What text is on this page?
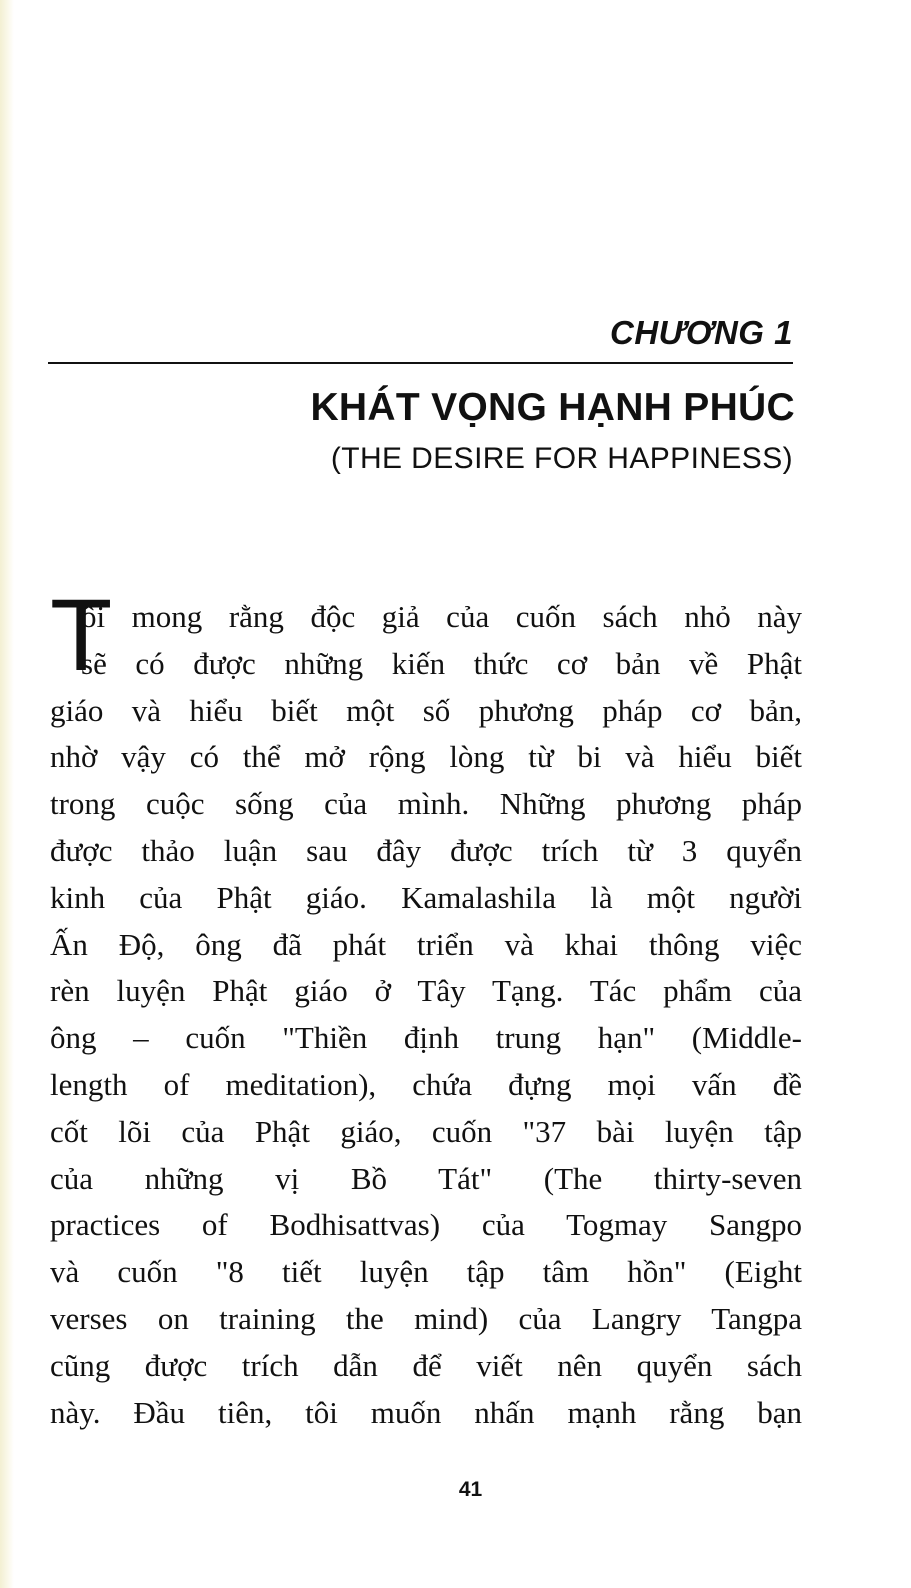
CHƯƠNG 1
KHÁT VỌNG HẠNH PHÚC
(THE DESIRE FOR HAPPINESS)
T
ôi mong rằng độc giả của cuốn sách nhỏ này
sẽ có được những kiến thức cơ bản về Phật
giáo và hiểu biết một số phương pháp cơ bản,
nhờ vậy có thể mở rộng lòng từ bi và hiểu biết
trong cuộc sống của mình. Những phương pháp
được thảo luận sau đây được trích từ 3 quyển
kinh của Phật giáo. Kamalashila là một người
Ấn Độ, ông đã phát triển và khai thông việc
rèn luyện Phật giáo ở Tây Tạng. Tác phẩm của
ông – cuốn "Thiền định trung hạn" (Middle-
length of meditation), chứa đựng mọi vấn đề
cốt lõi của Phật giáo, cuốn "37 bài luyện tập
của những vị Bồ Tát" (The thirty-seven
practices of Bodhisattvas) của Togmay Sangpo
và cuốn "8 tiết luyện tập tâm hồn" (Eight
verses on training the mind) của Langry Tangpa
cũng được trích dẫn để viết nên quyển sách
này. Đầu tiên, tôi muốn nhấn mạnh rằng bạn
41
